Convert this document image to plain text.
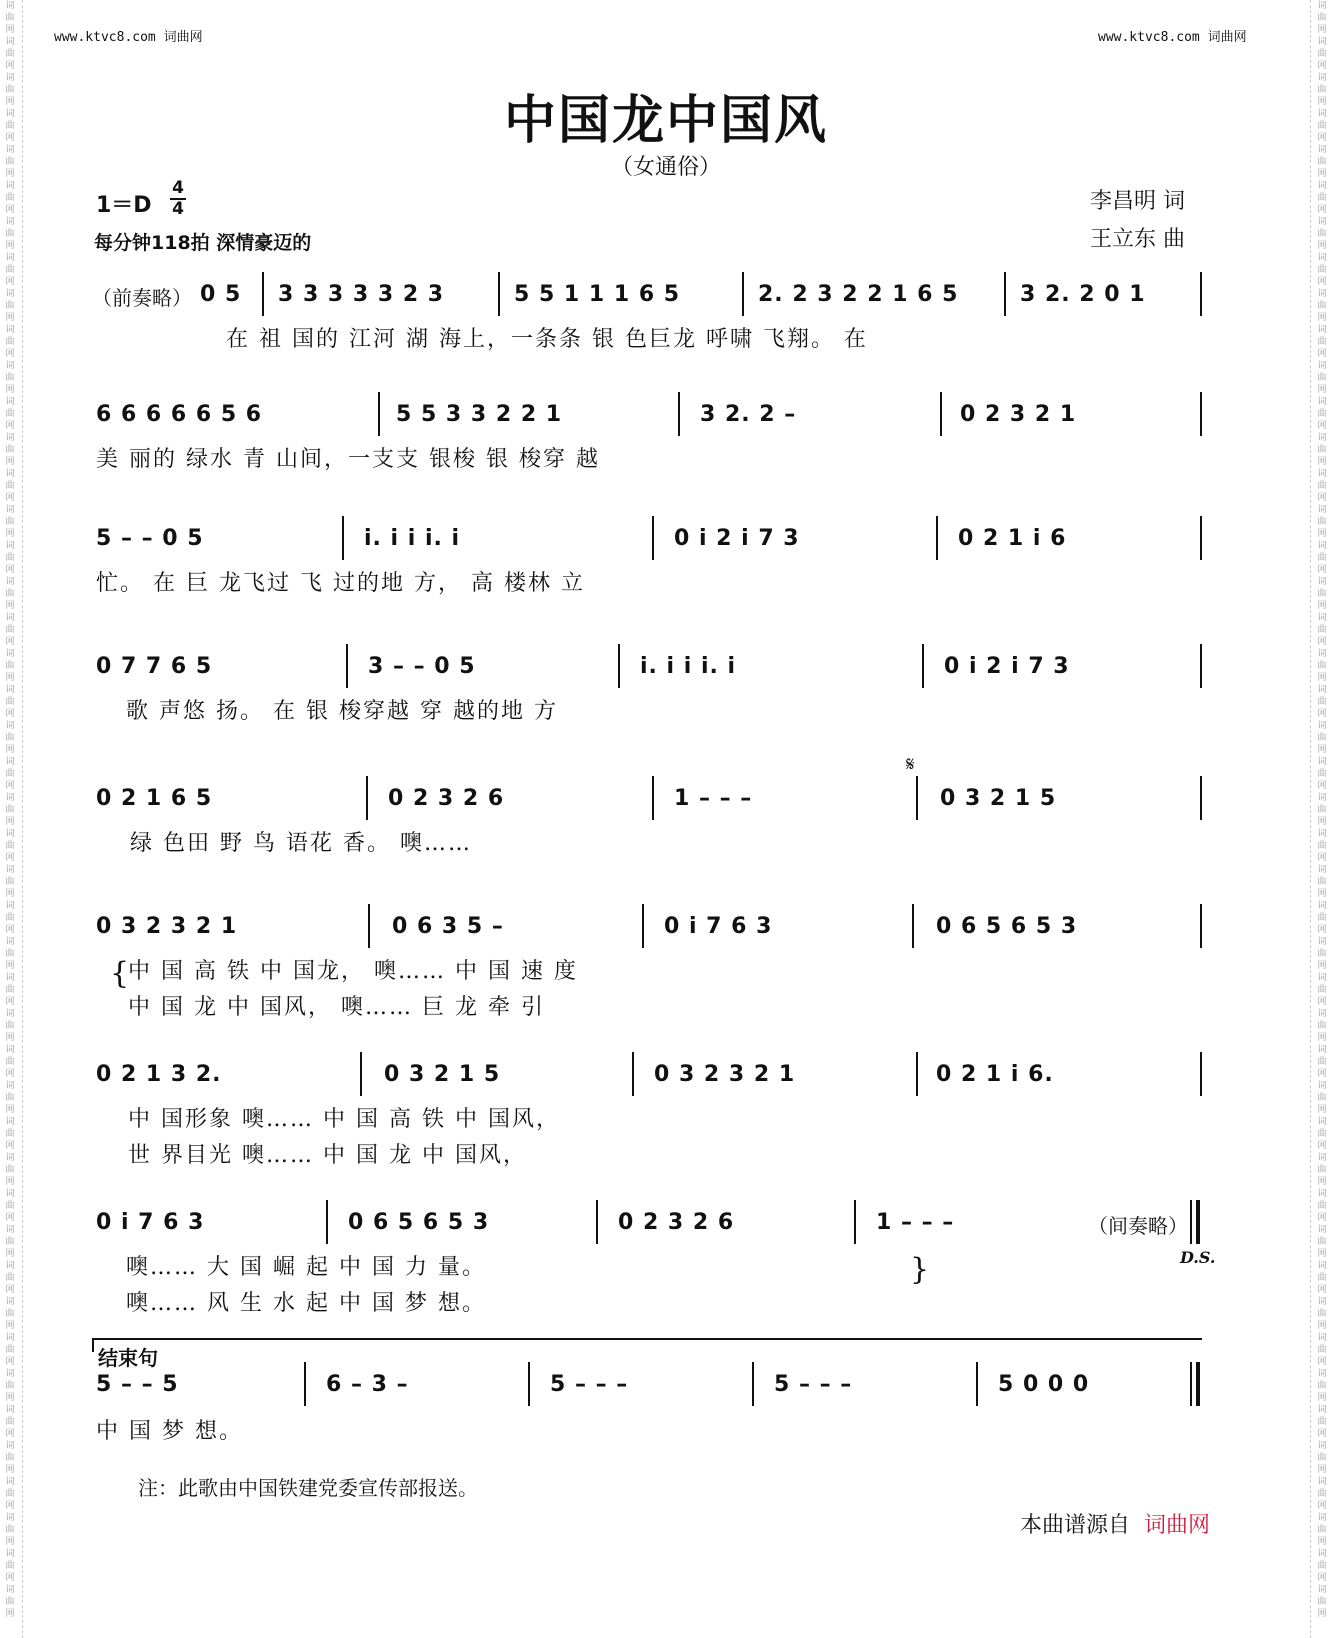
词曲网词曲网词曲网词曲网词曲网词曲网词曲网词曲网词曲网词曲网词曲网词曲网词曲网词曲网词曲网词曲网词曲网词曲网词曲网词曲网词曲网词曲网词曲网词曲网词曲网词曲网词曲网词曲网词曲网词曲网词曲网词曲网词曲网词曲网词曲网词曲网词曲网词曲网词曲网词曲网词曲网词曲网词曲网词曲网词曲网
词曲网词曲网词曲网词曲网词曲网词曲网词曲网词曲网词曲网词曲网词曲网词曲网词曲网词曲网词曲网词曲网词曲网词曲网词曲网词曲网词曲网词曲网词曲网词曲网词曲网词曲网词曲网词曲网词曲网词曲网词曲网词曲网词曲网词曲网词曲网词曲网词曲网词曲网词曲网词曲网词曲网词曲网词曲网词曲网词曲网
www.ktvc8.com 词曲网	www.ktvc8.com 词曲网
中国龙中国风
（女通俗）
1＝D
4
4
每分钟118拍 深情豪迈的
李昌明 词
王立东 曲
（前奏略） 0 5 3 3 3 3 3 2 3	5 5 1 1 1 6 5	2. 2 3 2 2 1 6 5	3 2. 2 0 1
在 祖 国的 江河 湖 海上，一条条 银 色巨龙 呼啸 飞翔。 在
6 6 6 6 6 5 6	5 5 3 3 2 2 1	3 2. 2 –	0 2 3 2 1
美 丽的 绿水 青 山间，一支支 银梭 银 梭穿 越
5 – – 0 5	i. i i i. i	0 i 2 i 7 3	0 2 1 i 6
忙。 在 巨 龙飞过 飞 过的地 方， 高 楼林 立
0 7 7 6 5	3 – – 0 5	i. i i i. i	0 i 2 i 7 3
歌 声悠 扬。 在 银 梭穿越 穿 越的地 方
𝄋
0 2 1 6 5	0 2 3 2 6	1 – – –	0 3 2 1 5
绿 色田 野 鸟 语花 香。 噢……
0 3 2 3 2 1	0 6 3 5 –	0 i 7 6 3	0 6 5 6 5 3
{
中 国 高 铁 中 国龙， 噢…… 中 国 速 度
中 国 龙 中 国风， 噢…… 巨 龙 牵 引
0 2 1 3 2.	0 3 2 1 5	0 3 2 3 2 1	0 2 1 i 6.
中 国形象 噢…… 中 国 高 铁 中 国风，
世 界目光 噢…… 中 国 龙 中 国风，
0 i 7 6 3	0 6 5 6 5 3	0 2 3 2 6	1 – – –	（间奏略）
D.S.
噢…… 大 国 崛 起 中 国 力 量。
噢…… 风 生 水 起 中 国 梦 想。
}
结束句
5 – – 5	6 – 3 –	5 – – –	5 – – –	5 0 0 0
中 国 梦 想。
注：此歌由中国铁建党委宣传部报送。
本曲谱源自 词曲网
